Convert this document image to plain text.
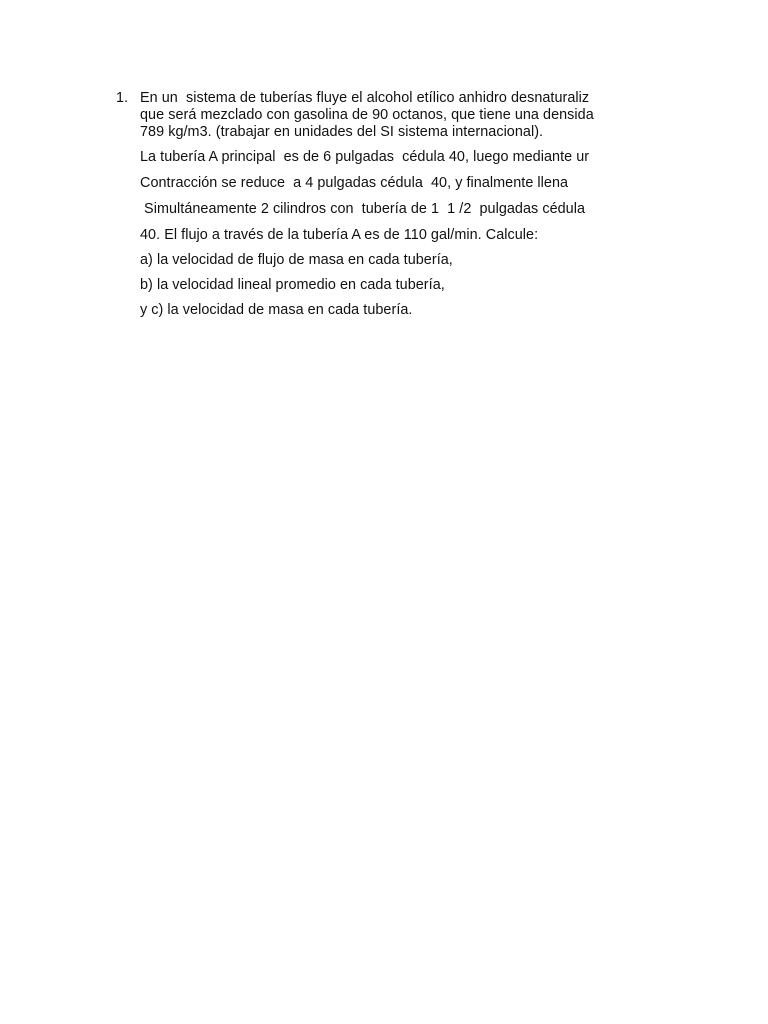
1. En un  sistema de tuberías fluye el alcohol etílico anhidro desnaturaliz
que será mezclado con gasolina de 90 octanos, que tiene una densida
789 kg/m3. (trabajar en unidades del SI sistema internacional).
La tubería A principal  es de 6 pulgadas  cédula 40, luego mediante ur
Contracción se reduce  a 4 pulgadas cédula  40, y finalmente llena
Simultáneamente 2 cilindros con  tubería de 1  1 /2  pulgadas cédula
40. El flujo a través de la tubería A es de 110 gal/min. Calcule:
a) la velocidad de flujo de masa en cada tubería,
b) la velocidad lineal promedio en cada tubería,
y c) la velocidad de masa en cada tubería.
